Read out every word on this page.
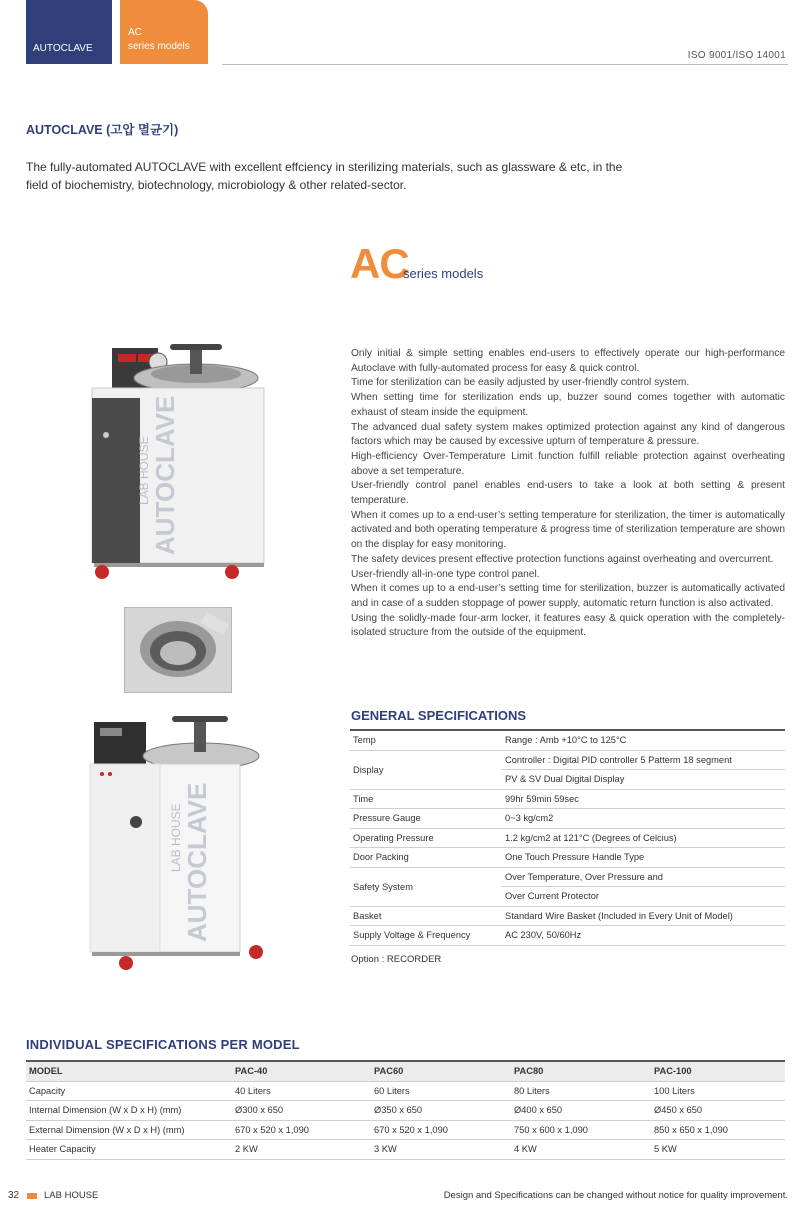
AUTOCLAVE
AC
series models
ISO 9001/ISO 14001
AUTOCLAVE (고압 멸균기)
The fully-automated AUTOCLAVE with excellent effciency in sterilizing materials, such as glassware & etc, in the field of biochemistry, biotechnology, microbiology & other related-sector.
AC
series models
LAB HOUSE AUTOCLAVE
LAB HOUSE AUTOCLAVE

Only initial & simple setting enables end-users to effectively operate our high-performance Autoclave with fully-automated process for easy & quick control.

Time for sterilization can be easily adjusted by user-friendly control system.

When setting time for sterilization ends up, buzzer sound comes together with automatic exhaust of steam inside the equipment.

The advanced dual safety system makes optimized protection against any kind of dangerous factors which may be caused by excessive upturn of temperature & pressure.

High-efficiency Over-Temperature Limit function fulfill reliable protection against overheating above a set temperature.

User-friendly control panel enables end-users to take a look at both setting & present temperature.

When it comes up to a end-user’s setting temperature for sterilization, the timer is automatically activated and both operating temperature & progress time of sterilization temperature are shown on the display for easy monitoring.

The safety devices present effective protection functions against overheating and overcurrent.

User-friendly all-in-one type control panel.

When it comes up to a end-user’s setting time for sterilization, buzzer is automatically activated and in case of a sudden stoppage of power supply, automatic return function is also activated.

Using the solidly-made four-arm locker, it features easy & quick operation with the completely-isolated structure from the outside of the equipment.

GENERAL SPECIFICATIONS
Temp	Range : Amb +10°C to 125°C
Display	Controller : Digital PID controller 5 Patterm 18 segment
	PV & SV Dual Digital Display
Time	99hr 59min 59sec
Pressure Gauge	0~3 kg/cm2
Operating Pressure	1.2 kg/cm2 at 121°C (Degrees of Celcius)
Door Packing	One Touch Pressure Handle Type
Safety System	Over Temperature, Over Pressure and
	Over Current Protector
Basket	Standard Wire Basket (Included in Every Unit of Model)
Supply Voltage & Frequency	AC 230V, 50/60Hz
Option : RECORDER
INDIVIDUAL SPECIFICATIONS PER MODEL
MODEL	PAC-40	PAC60	PAC80	PAC-100
Capacity	40 Liters	60 Liters	80 Liters	100 Liters
Internal Dimension (W x D x H) (mm)	Ø300 x 650	Ø350 x 650	Ø400 x 650	Ø450 x 650
External Dimension (W x D x H) (mm)	670 x 520 x 1,090	670 x 520 x 1,090	750 x 600 x 1,090	850 x 650 x 1,090
Heater Capacity	2 KW	3 KW	4 KW	5 KW
32	LAB HOUSE	Design and Specifications can be changed without notice for quality improvement.
